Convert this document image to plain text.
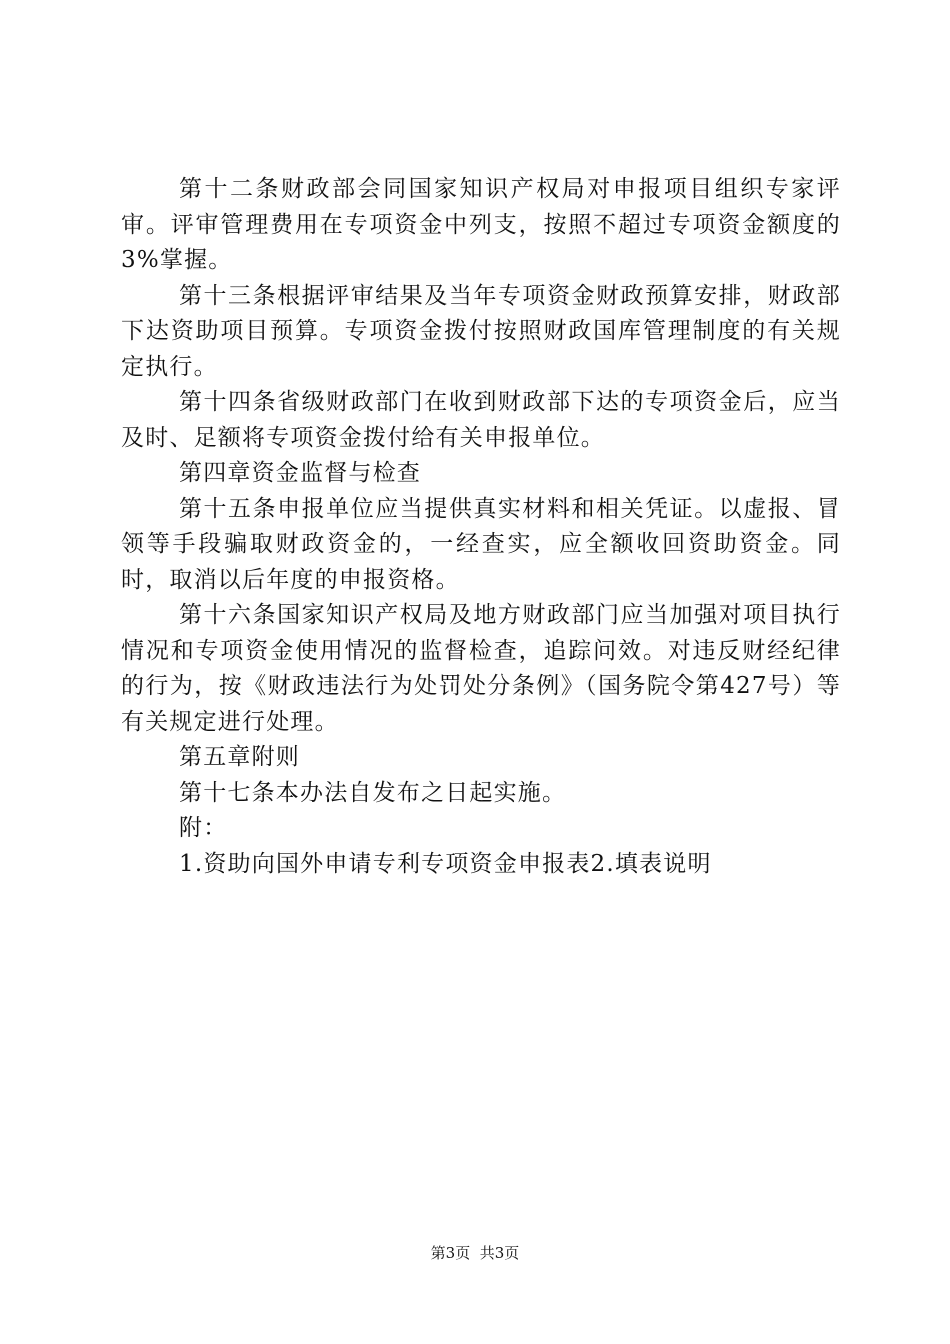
第十二条财政部会同国家知识产权局对申报项目组织专家评审。评审管理费用在专项资金中列支，按照不超过专项资金额度的3%掌握。

第十三条根据评审结果及当年专项资金财政预算安排，财政部下达资助项目预算。专项资金拨付按照财政国库管理制度的有关规定执行。

第十四条省级财政部门在收到财政部下达的专项资金后，应当及时、足额将专项资金拨付给有关申报单位。

第四章资金监督与检查

第十五条申报单位应当提供真实材料和相关凭证。以虚报、冒领等手段骗取财政资金的，一经查实，应全额收回资助资金。同时，取消以后年度的申报资格。

第十六条国家知识产权局及地方财政部门应当加强对项目执行情况和专项资金使用情况的监督检查，追踪问效。对违反财经纪律的行为，按《财政违法行为处罚处分条例》（国务院令第427号）等有关规定进行处理。

第五章附则

第十七条本办法自发布之日起实施。

附：

1.资助向国外申请专利专项资金申报表2.填表说明

第3页 共3页
